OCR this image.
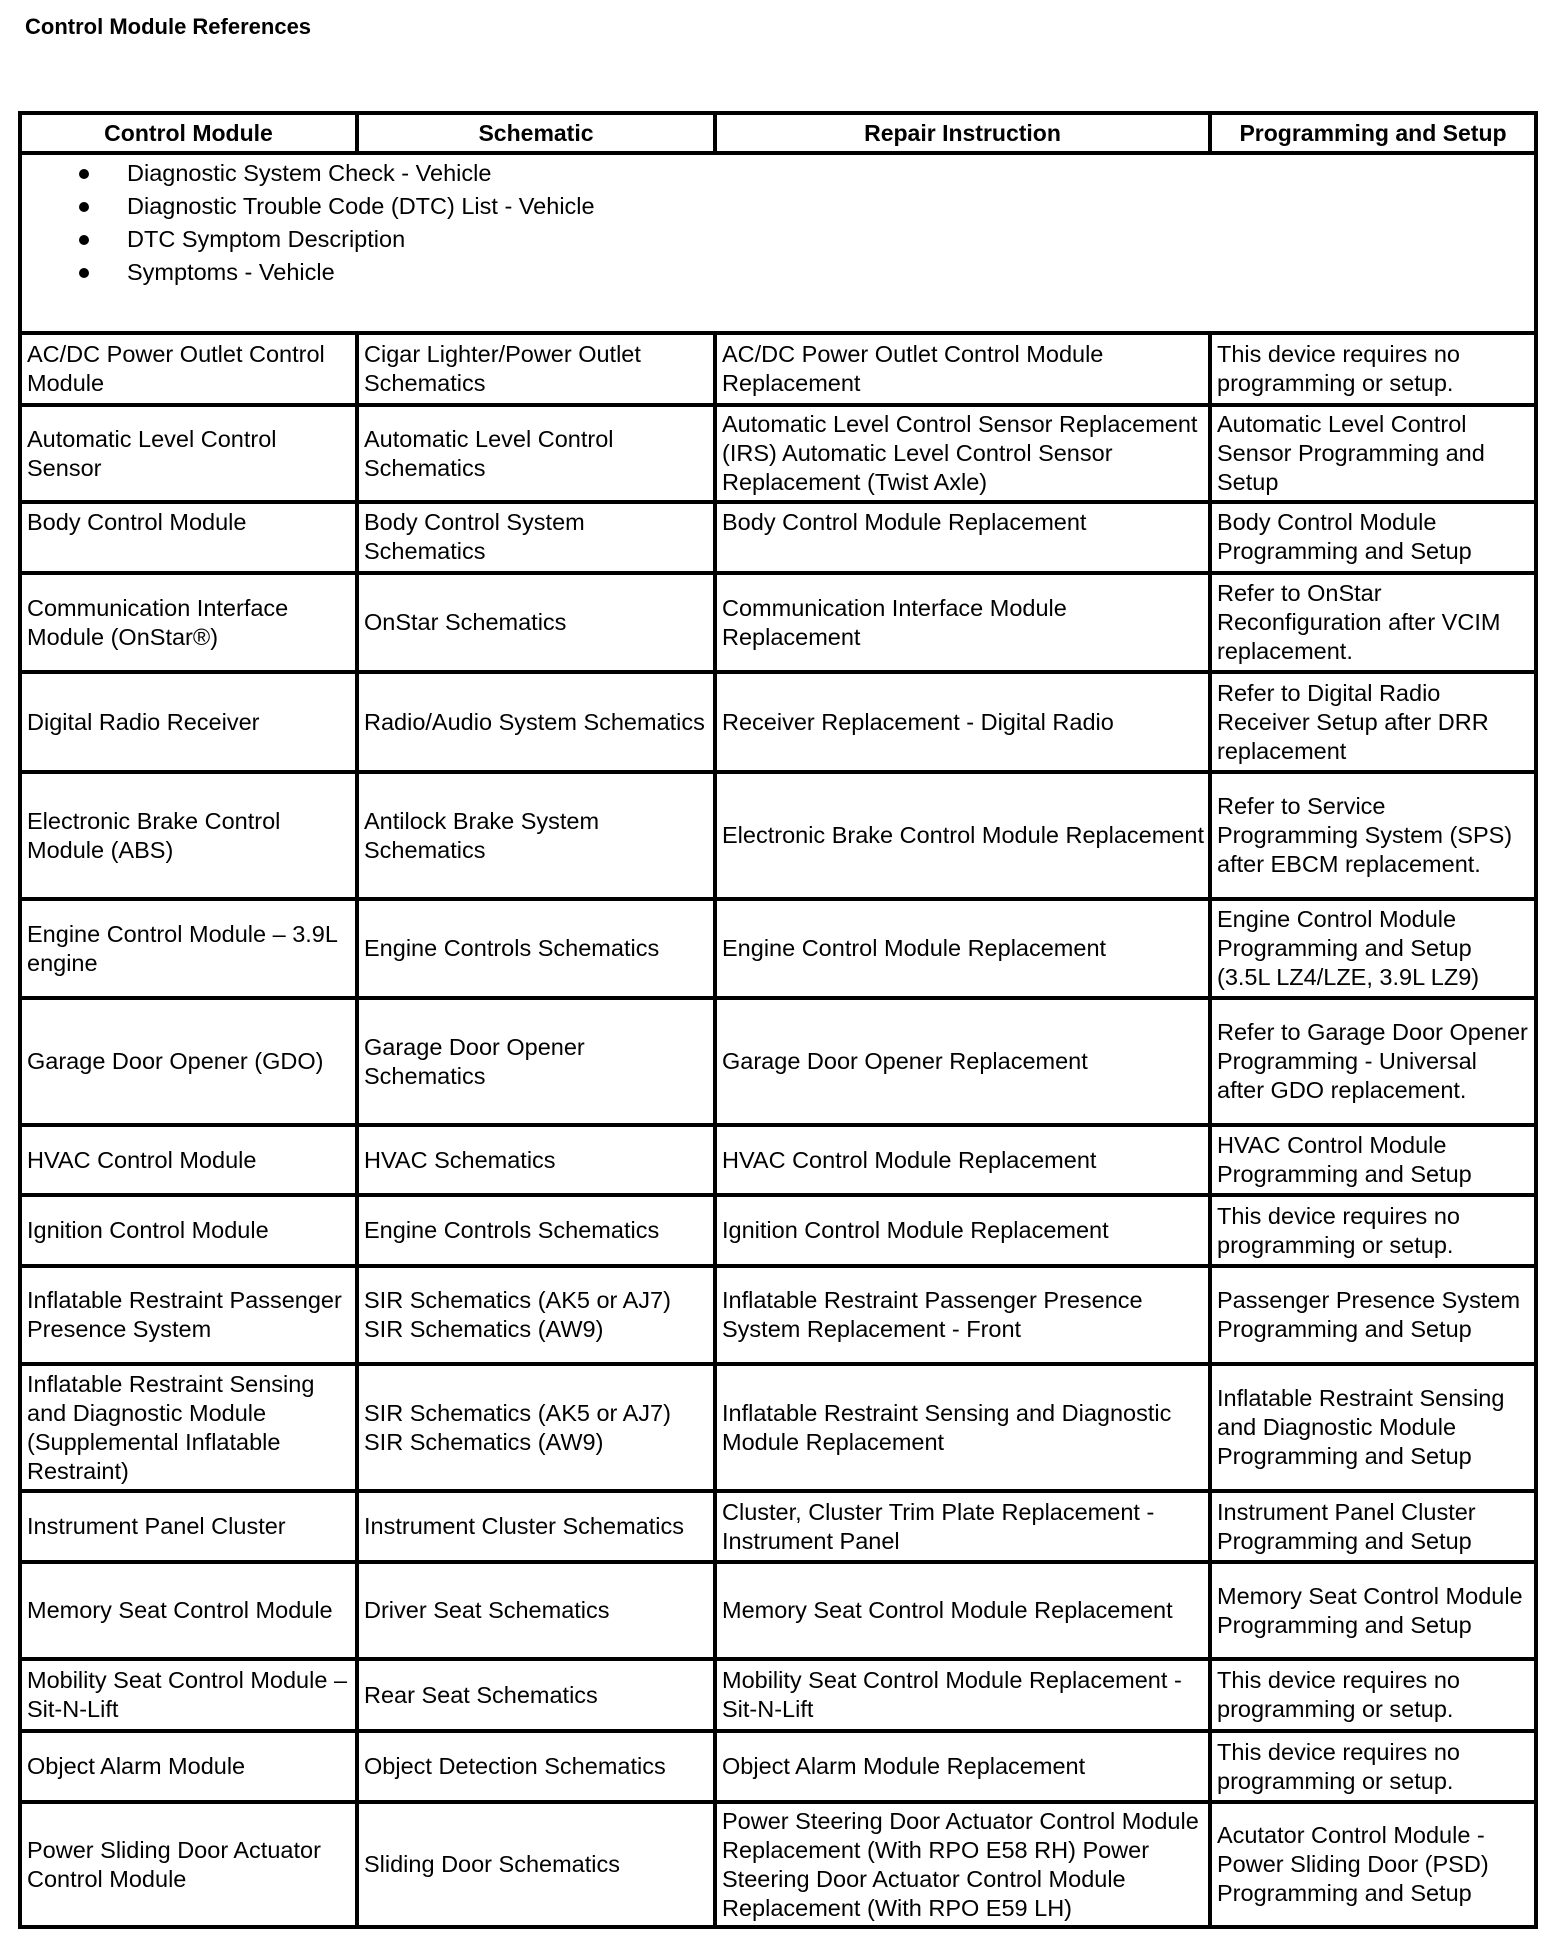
Control Module References
Control Module	Schematic	Repair Instruction	Programming and Setup

Diagnostic System Check - Vehicle
Diagnostic Trouble Code (DTC) List - Vehicle
DTC Symptom Description
Symptoms - Vehicle

AC/DC Power Outlet Control Module	Cigar Lighter/Power Outlet Schematics	AC/DC Power Outlet Control Module Replacement	This device requires no programming or setup.
Automatic Level Control Sensor	Automatic Level Control Schematics	Automatic Level Control Sensor Replacement (IRS) Automatic Level Control Sensor Replacement (Twist Axle)	Automatic Level Control Sensor Programming and Setup
Body Control Module	Body Control System Schematics	Body Control Module Replacement	Body Control Module Programming and Setup
Communication Interface Module (OnStar®)	OnStar Schematics	Communication Interface Module Replacement	Refer to OnStar Reconfiguration after VCIM replacement.
Digital Radio Receiver	Radio/Audio System Schematics	Receiver Replacement - Digital Radio	Refer to Digital Radio Receiver Setup after DRR replacement
Electronic Brake Control Module (ABS)	Antilock Brake System Schematics	Electronic Brake Control Module Replacement	Refer to Service Programming System (SPS) after EBCM replacement.
Engine Control Module – 3.9L engine	Engine Controls Schematics	Engine Control Module Replacement	Engine Control Module Programming and Setup (3.5L LZ4/LZE, 3.9L LZ9)
Garage Door Opener (GDO)	Garage Door Opener Schematics	Garage Door Opener Replacement	Refer to Garage Door Opener Programming - Universal after GDO replacement.
HVAC Control Module	HVAC Schematics	HVAC Control Module Replacement	HVAC Control Module Programming and Setup
Ignition Control Module	Engine Controls Schematics	Ignition Control Module Replacement	This device requires no programming or setup.
Inflatable Restraint Passenger Presence System	SIR Schematics (AK5 or AJ7) SIR Schematics (AW9)	Inflatable Restraint Passenger Presence System Replacement - Front	Passenger Presence System Programming and Setup
Inflatable Restraint Sensing and Diagnostic Module (Supplemental Inflatable Restraint)	SIR Schematics (AK5 or AJ7) SIR Schematics (AW9)	Inflatable Restraint Sensing and Diagnostic Module Replacement	Inflatable Restraint Sensing and Diagnostic Module Programming and Setup
Instrument Panel Cluster	Instrument Cluster Schematics	Cluster, Cluster Trim Plate Replacement - Instrument Panel	Instrument Panel Cluster Programming and Setup
Memory Seat Control Module	Driver Seat Schematics	Memory Seat Control Module Replacement	Memory Seat Control Module Programming and Setup
Mobility Seat Control Module – Sit-N-Lift	Rear Seat Schematics	Mobility Seat Control Module Replacement - Sit-N-Lift	This device requires no programming or setup.
Object Alarm Module	Object Detection Schematics	Object Alarm Module Replacement	This device requires no programming or setup.
Power Sliding Door Actuator Control Module	Sliding Door Schematics	Power Steering Door Actuator Control Module Replacement (With RPO E58 RH) Power Steering Door Actuator Control Module Replacement (With RPO E59 LH)	Acutator Control Module - Power Sliding Door (PSD) Programming and Setup
